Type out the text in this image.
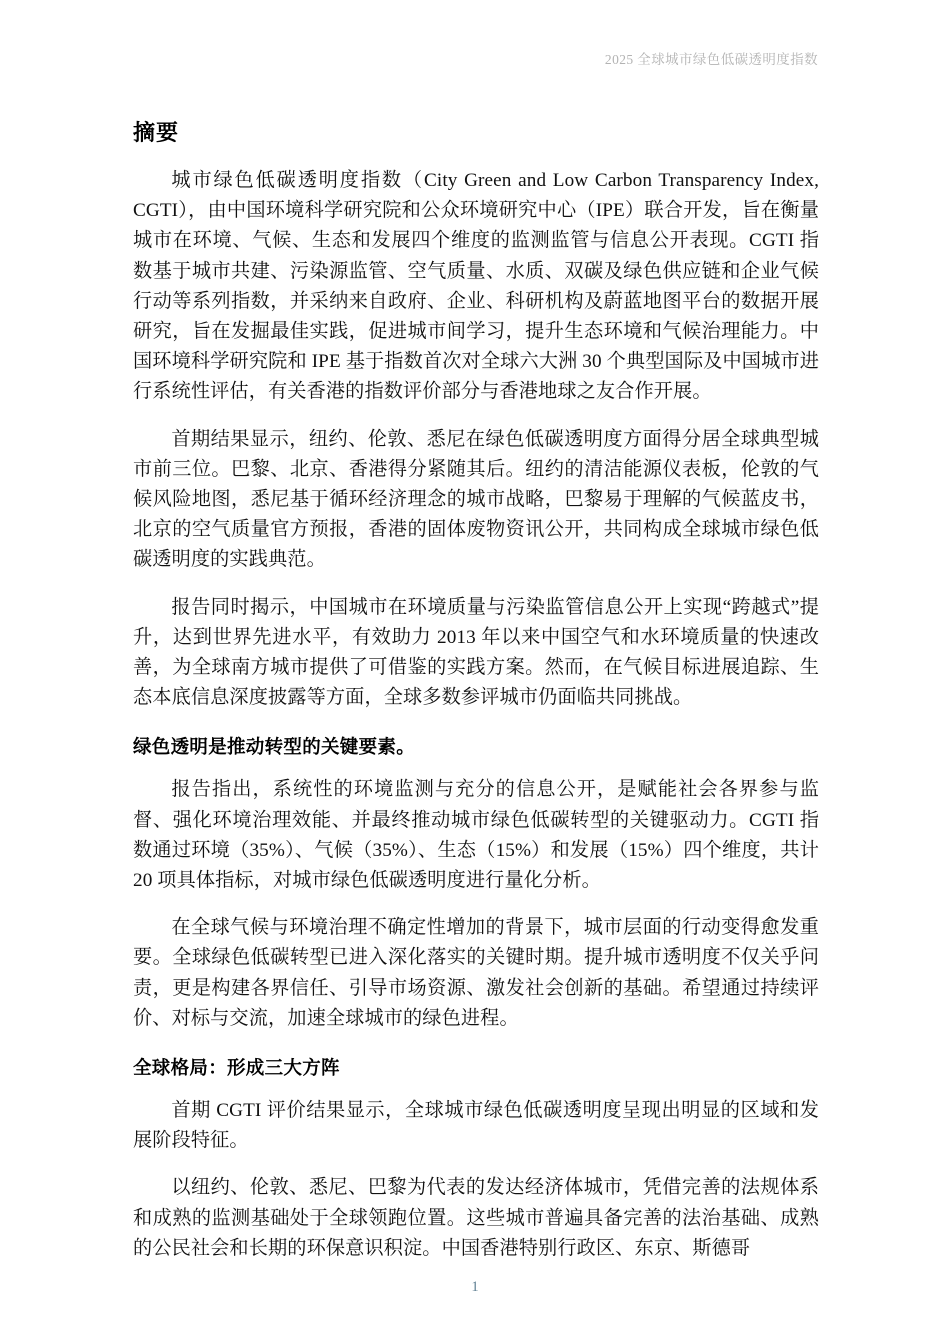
2025 全球城市绿色低碳透明度指数
摘要

城市绿色低碳透明度指数（City Green and Low Carbon Transparency Index, CGTI），由中国环境科学研究院和公众环境研究中心（IPE）联合开发，旨在衡量城市在环境、气候、生态和发展四个维度的监测监管与信息公开表现。CGTI 指数基于城市共建、污染源监管、空气质量、水质、双碳及绿色供应链和企业气候行动等系列指数，并采纳来自政府、企业、科研机构及蔚蓝地图平台的数据开展研究，旨在发掘最佳实践，促进城市间学习，提升生态环境和气候治理能力。中国环境科学研究院和 IPE 基于指数首次对全球六大洲 30 个典型国际及中国城市进行系统性评估，有关香港的指数评价部分与香港地球之友合作开展。

首期结果显示，纽约、伦敦、悉尼在绿色低碳透明度方面得分居全球典型城市前三位。巴黎、北京、香港得分紧随其后。纽约的清洁能源仪表板，伦敦的气候风险地图，悉尼基于循环经济理念的城市战略，巴黎易于理解的气候蓝皮书，北京的空气质量官方预报，香港的固体废物资讯公开，共同构成全球城市绿色低碳透明度的实践典范。

报告同时揭示，中国城市在环境质量与污染监管信息公开上实现“跨越式”提升，达到世界先进水平，有效助力 2013 年以来中国空气和水环境质量的快速改善，为全球南方城市提供了可借鉴的实践方案。然而，在气候目标进展追踪、生态本底信息深度披露等方面，全球多数参评城市仍面临共同挑战。

绿色透明是推动转型的关键要素。

报告指出，系统性的环境监测与充分的信息公开，是赋能社会各界参与监督、强化环境治理效能、并最终推动城市绿色低碳转型的关键驱动力。CGTI 指数通过环境（35%）、气候（35%）、生态（15%）和发展（15%）四个维度，共计 20 项具体指标，对城市绿色低碳透明度进行量化分析。

在全球气候与环境治理不确定性增加的背景下，城市层面的行动变得愈发重要。全球绿色低碳转型已进入深化落实的关键时期。提升城市透明度不仅关乎问责，更是构建各界信任、引导市场资源、激发社会创新的基础。希望通过持续评价、对标与交流，加速全球城市的绿色进程。

全球格局：形成三大方阵

首期 CGTI 评价结果显示，全球城市绿色低碳透明度呈现出明显的区域和发展阶段特征。

以纽约、伦敦、悉尼、巴黎为代表的发达经济体城市，凭借完善的法规体系和成熟的监测基础处于全球领跑位置。这些城市普遍具备完善的法治基础、成熟的公民社会和长期的环保意识积淀。中国香港特别行政区、东京、斯德哥

1
